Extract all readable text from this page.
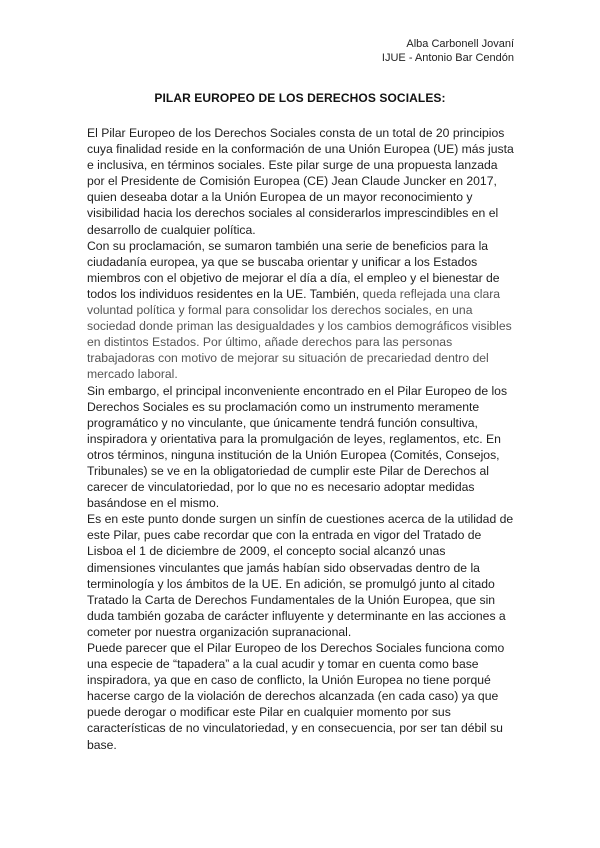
Alba Carbonell Jovaní
IJUE - Antonio Bar Cendón
PILAR EUROPEO DE LOS DERECHOS SOCIALES:

El Pilar Europeo de los Derechos Sociales consta de un total de 20 principios cuya finalidad reside en la conformación de una Unión Europea (UE) más justa e inclusiva, en términos sociales. Este pilar surge de una propuesta lanzada por el Presidente de Comisión Europea (CE) Jean Claude Juncker en 2017, quien deseaba dotar a la Unión Europea de un mayor reconocimiento y visibilidad hacia los derechos sociales al considerarlos imprescindibles en el desarrollo de cualquier política.

Con su proclamación, se sumaron también una serie de beneficios para la ciudadanía europea, ya que se buscaba orientar y unificar a los Estados miembros con el objetivo de mejorar el día a día, el empleo y el bienestar de todos los individuos residentes en la UE. También, queda reflejada una clara voluntad política y formal para consolidar los derechos sociales, en una sociedad donde priman las desigualdades y los cambios demográficos visibles en distintos Estados. Por último, añade derechos para las personas trabajadoras con motivo de mejorar su situación de precariedad dentro del mercado laboral.

Sin embargo, el principal inconveniente encontrado en el Pilar Europeo de los Derechos Sociales es su proclamación como un instrumento meramente programático y no vinculante, que únicamente tendrá función consultiva, inspiradora y orientativa para la promulgación de leyes, reglamentos, etc. En otros términos, ninguna institución de la Unión Europea (Comités, Consejos, Tribunales) se ve en la obligatoriedad de cumplir este Pilar de Derechos al carecer de vinculatoriedad, por lo que no es necesario adoptar medidas basándose en el mismo.

Es en este punto donde surgen un sinfín de cuestiones acerca de la utilidad de este Pilar, pues cabe recordar que con la entrada en vigor del Tratado de Lisboa el 1 de diciembre de 2009, el concepto social alcanzó unas dimensiones vinculantes que jamás habían sido observadas dentro de la terminología y los ámbitos de la UE. En adición, se promulgó junto al citado Tratado la Carta de Derechos Fundamentales de la Unión Europea, que sin duda también gozaba de carácter influyente y determinante en las acciones a cometer por nuestra organización supranacional.

Puede parecer que el Pilar Europeo de los Derechos Sociales funciona como una especie de “tapadera” a la cual acudir y tomar en cuenta como base inspiradora, ya que en caso de conflicto, la Unión Europea no tiene porqué hacerse cargo de la violación de derechos alcanzada (en cada caso) ya que puede derogar o modificar este Pilar en cualquier momento por sus características de no vinculatoriedad, y en consecuencia, por ser tan débil su base.
